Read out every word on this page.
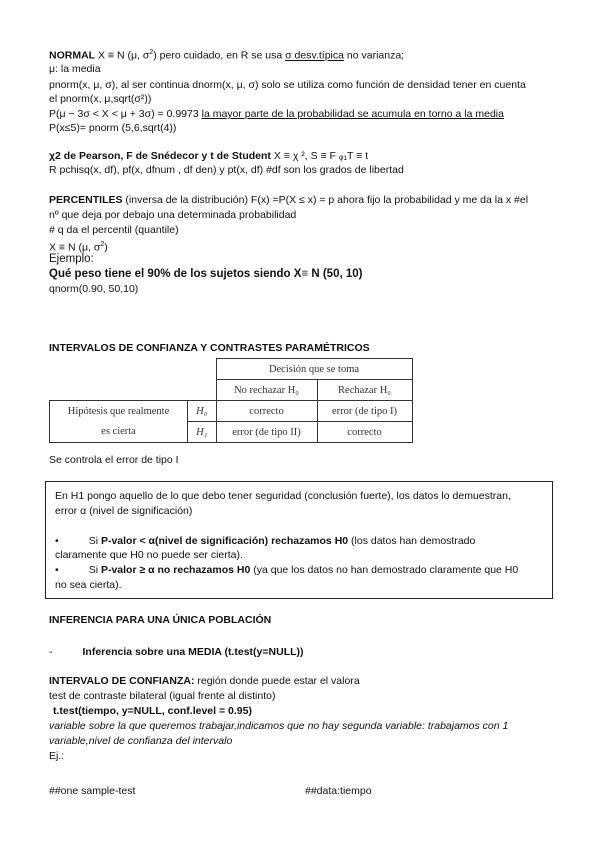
NORMAL X ≡ N (μ, $\sigma^2$) pero cuidado, en R se usa σ desv.típica no varianza;
μ: la media
pnorm(x, μ, σ), al ser continua dnorm(x, μ, σ) solo se utiliza como función de densidad tener en cuenta
el pnorm(x, μ,sqrt(σ²))
P(μ − 3σ < X < μ + 3σ) = 0.9973 la mayor parte de la probabilidad se acumula en torno a la media
P(x≤5)= pnorm (5,6,sqrt(4))
χ2 de Pearson, F de Snédecor y t de Student X ≡ χ ², S ≡ F ᵩ₁T ≡ t
R pchisq(x, df), pf(x, dfnum , df den) y pt(x, df) #df son los grados de libertad
PERCENTILES (inversa de la distribución) F(x) =P(X ≤ x) = p ahora fijo la probabilidad y me da la x #el
nº que deja por debajo una determinada probabilidad
# q da el percentil (quantile)
X ≡ N (μ, $\sigma^2$)
Ejemplo:
Qué peso tiene el 90% de los sujetos siendo X≡ N (50, 10)
qnorm(0.90, 50,10)
INTERVALOS DE CONFIANZA Y CONTRASTES PARAMÉTRICOS
		Decisión que se toma	
		No rechazar H₀	Rechazar H₀
Hipótesis que realmente	H₀	correcto	error (de tipo I)
es cierta	H₁	error (de tipo II)	correcto
Se controla el error de tipo I
En H1 pongo aquello de lo que debo tener seguridad (conclusión fuerte), los datos lo demuestran,
error α (nivel de significación)
•	Si P-valor < α(nivel de significación) rechazamos H0 (los datos han demostrado
claramente que H0 no puede ser cierta).
•	Si P-valor ≥ α no rechazamos H0 (ya que los datos no han demostrado claramente que H0
no sea cierta).
INFERENCIA PARA UNA ÚNICA POBLACIÓN
-	Inferencia sobre una MEDIA (t.test(y=NULL))
INTERVALO DE CONFIANZA: región donde puede estar el valora
test de contraste bilateral (igual frente al distinto)
t.test(tiempo, y=NULL, conf.level = 0.95)
variable sobre la que queremos trabajar,indicamos que no hay segunda variable: trabajamos con 1
variable,nivel de confianza del intervalo
Ej.:
##one sample-test	##data:tiempo
